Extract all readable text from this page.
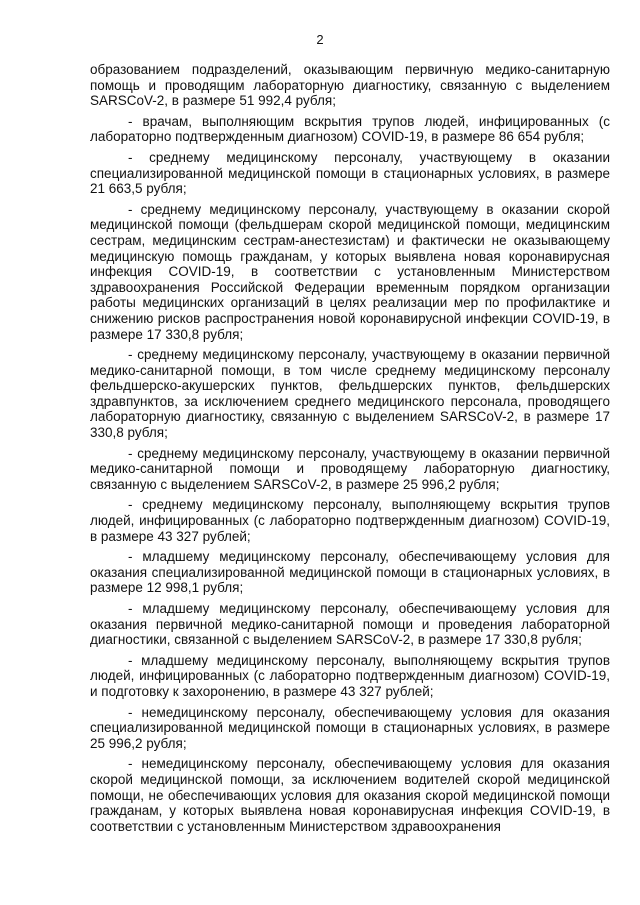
2

образованием подразделений, оказывающим первичную медико-санитарную помощь и проводящим лабораторную диагностику, связанную с выделением SARSCoV-2, в размере 51 992,4 рубля;

- врачам, выполняющим вскрытия трупов людей, инфицированных (с лабораторно подтвержденным диагнозом) COVID-19, в размере 86 654 рубля;

- среднему медицинскому персоналу, участвующему в оказании специализированной медицинской помощи в стационарных условиях, в размере 21 663,5 рубля;

- среднему медицинскому персоналу, участвующему в оказании скорой медицинской помощи (фельдшерам скорой медицинской помощи, медицинским сестрам, медицинским сестрам-анестезистам) и фактически не оказывающему медицинскую помощь гражданам, у которых выявлена новая коронавирусная инфекция COVID-19, в соответствии с установленным Министерством здравоохранения Российской Федерации временным порядком организации работы медицинских организаций в целях реализации мер по профилактике и снижению рисков распространения новой коронавирусной инфекции COVID-19, в размере 17 330,8 рубля;

- среднему медицинскому персоналу, участвующему в оказании первичной медико-санитарной помощи, в том числе среднему медицинскому персоналу фельдшерско-акушерских пунктов, фельдшерских пунктов, фельдшерских здравпунктов, за исключением среднего медицинского персонала, проводящего лабораторную диагностику, связанную с выделением SARSCoV-2, в размере 17 330,8 рубля;

- среднему медицинскому персоналу, участвующему в оказании первичной медико-санитарной помощи и проводящему лабораторную диагностику, связанную с выделением SARSCoV-2, в размере 25 996,2 рубля;

- среднему медицинскому персоналу, выполняющему вскрытия трупов людей, инфицированных (с лабораторно подтвержденным диагнозом) COVID-19, в размере 43 327 рублей;

- младшему медицинскому персоналу, обеспечивающему условия для оказания специализированной медицинской помощи в стационарных условиях, в размере 12 998,1 рубля;

- младшему медицинскому персоналу, обеспечивающему условия для оказания первичной медико-санитарной помощи и проведения лабораторной диагностики, связанной с выделением SARSCoV-2, в размере 17 330,8 рубля;

- младшему медицинскому персоналу, выполняющему вскрытия трупов людей, инфицированных (с лабораторно подтвержденным диагнозом) COVID-19, и подготовку к захоронению, в размере 43 327 рублей;

- немедицинскому персоналу, обеспечивающему условия для оказания специализированной медицинской помощи в стационарных условиях, в размере 25 996,2 рубля;

- немедицинскому персоналу, обеспечивающему условия для оказания скорой медицинской помощи, за исключением водителей скорой медицинской помощи, не обеспечивающих условия для оказания скорой медицинской помощи гражданам, у которых выявлена новая коронавирусная инфекция COVID-19, в соответствии с установленным Министерством здравоохранения
